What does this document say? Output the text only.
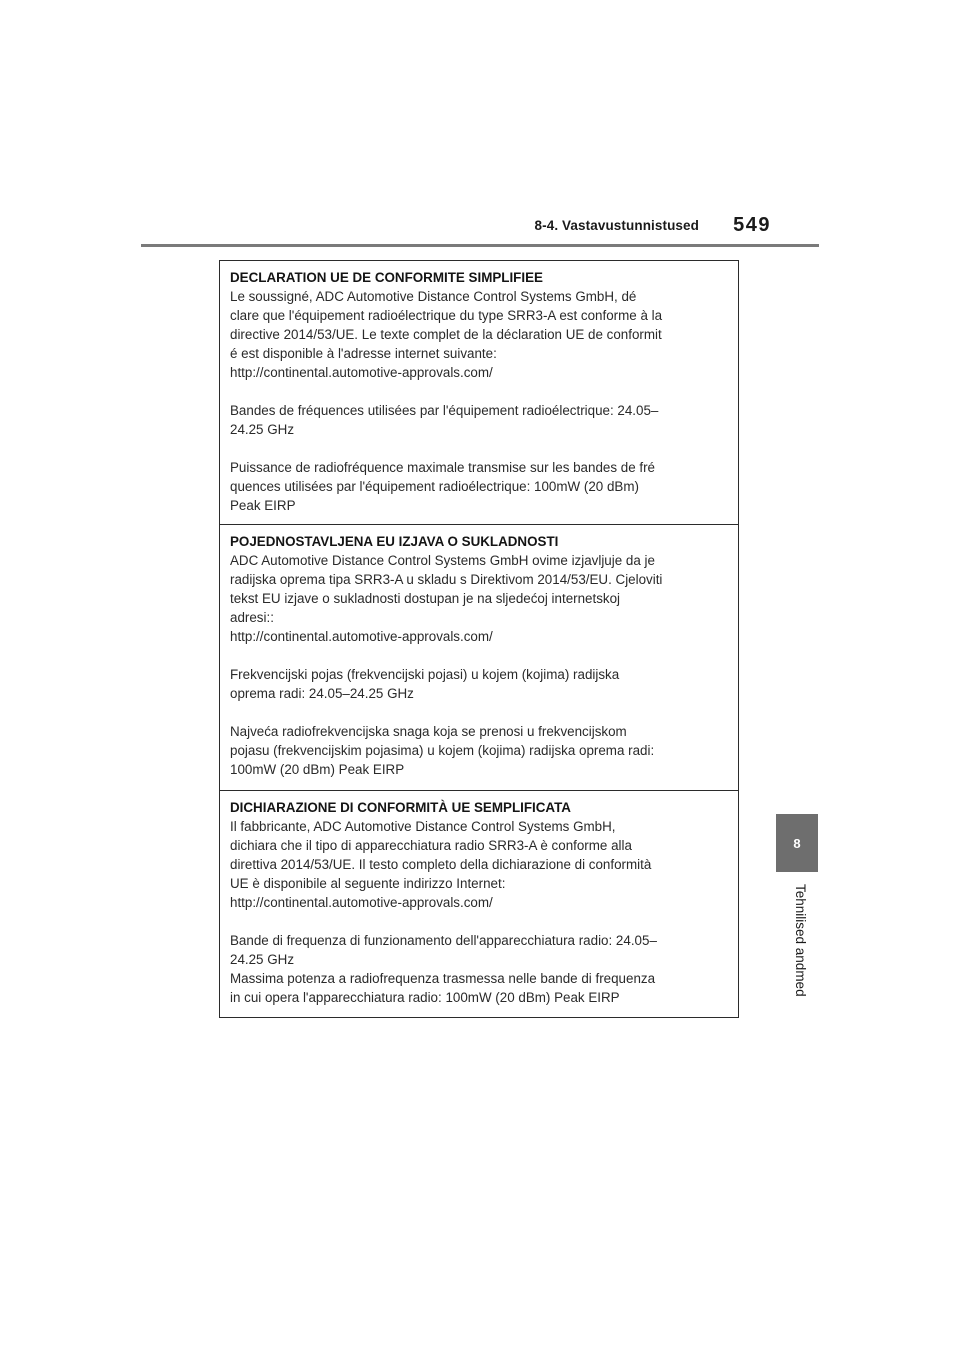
8-4. Vastavustunnistused 549
8
Tehnilised andmed

DECLARATION UE DE CONFORMITE SIMPLIFIEE

Le soussigné, ADC Automotive Distance Control Systems GmbH, dé
clare que l'équipement radioélectrique du type SRR3-A est conforme à la
directive 2014/53/UE. Le texte complet de la déclaration UE de conformit
é est disponible à l'adresse internet suivante:
http://continental.automotive-approvals.com/
Bandes de fréquences utilisées par l'équipement radioélectrique: 24.05–
24.25 GHz
Puissance de radiofréquence maximale transmise sur les bandes de fré
quences utilisées par l'équipement radioélectrique: 100mW (20 dBm)
Peak EIRP

POJEDNOSTAVLJENA EU IZJAVA O SUKLADNOSTI

ADC Automotive Distance Control Systems GmbH ovime izjavljuje da je
radijska oprema tipa SRR3-A u skladu s Direktivom 2014/53/EU. Cjeloviti
tekst EU izjave o sukladnosti dostupan je na sljedećoj internetskoj
adresi::
http://continental.automotive-approvals.com/
Frekvencijski pojas (frekvencijski pojasi) u kojem (kojima) radijska
oprema radi: 24.05–24.25 GHz
Najveća radiofrekvencijska snaga koja se prenosi u frekvencijskom
pojasu (frekvencijskim pojasima) u kojem (kojima) radijska oprema radi:
100mW (20 dBm) Peak EIRP

DICHIARAZIONE DI CONFORMITÀ UE SEMPLIFICATA

Il fabbricante, ADC Automotive Distance Control Systems GmbH,
dichiara che il tipo di apparecchiatura radio SRR3-A è conforme alla
direttiva 2014/53/UE. Il testo completo della dichiarazione di conformità
UE è disponibile al seguente indirizzo Internet:
http://continental.automotive-approvals.com/
Bande di frequenza di funzionamento dell'apparecchiatura radio: 24.05–
24.25 GHz
Massima potenza a radiofrequenza trasmessa nelle bande di frequenza
in cui opera l'apparecchiatura radio: 100mW (20 dBm) Peak EIRP
